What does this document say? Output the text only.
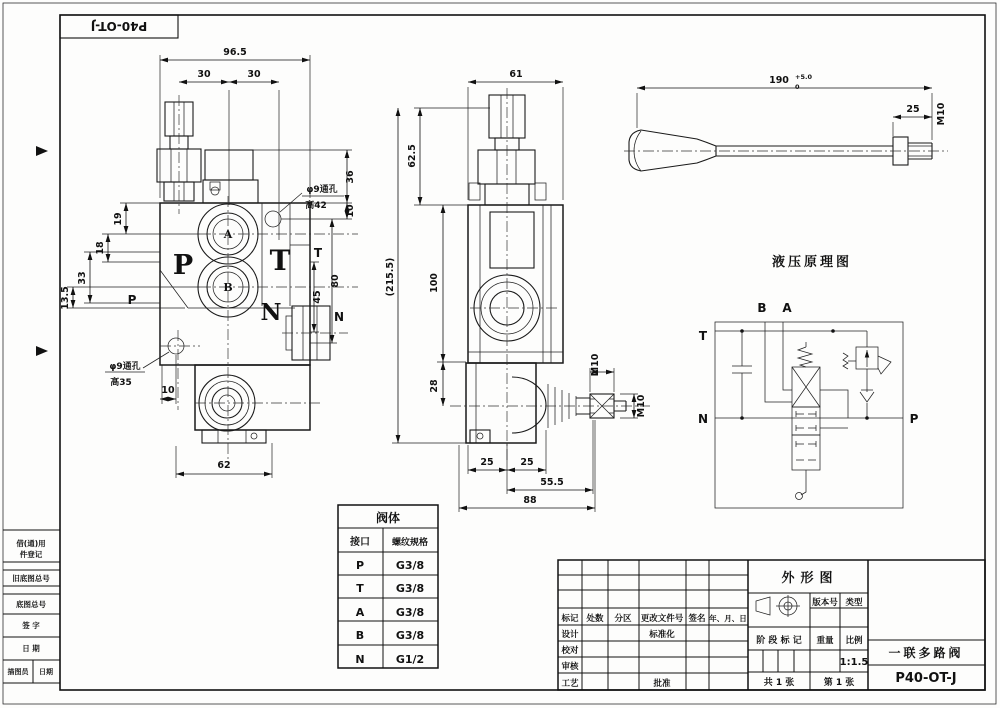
P40-OT-J
借(通)用
件登记
旧底图总号
底图总号
签 字
日 期
描图员 日期
96.5
30	30
19
18
33
13.5
36
10
80
45
10
62
φ9通孔
高42
φ9通孔
高35
A
B
P	T
N
P
T
N
61
62.5
(215.5)	100
28
25	25
55.5
88
M10
M10
190 +5.0
0
25 M10
液压原理图
B A
T
N	P
阀体
接口 螺纹规格
P	G3/8
T	G3/8
A	G3/8
B	G3/8
N	G1/2
标记 处数 分区 更改文件号 签名 年、月、日
设计	标准化
校对
审核
工艺	批准
外形图
版本号 类型
阶 段 标 记 重量 比例
1:1.5
共 1 张	第 1 张
一联多路阀
P40-OT-J
